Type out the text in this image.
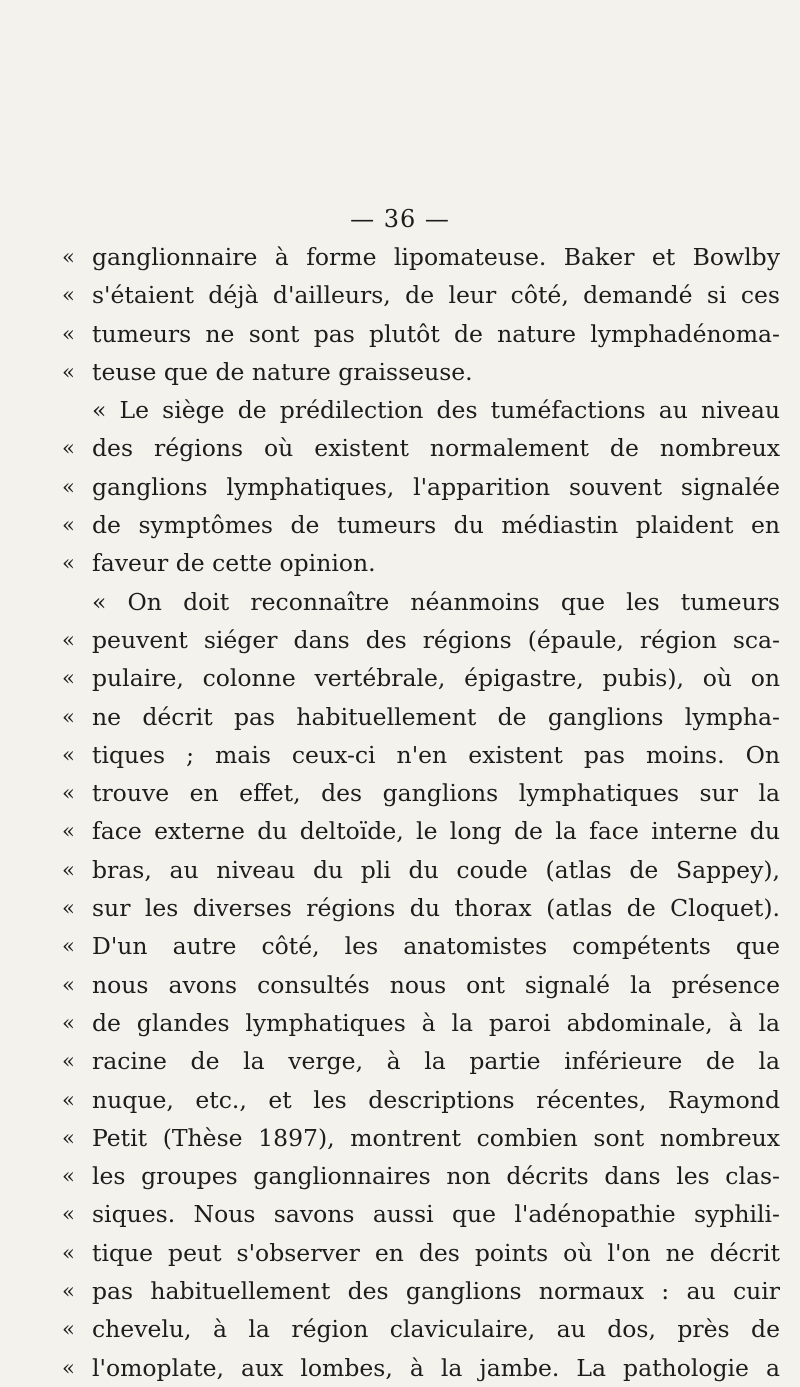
— 36 —
« ganglionnaire à forme lipomateuse. Baker et Bowlby
« s'étaient déjà d'ailleurs, de leur côté, demandé si ces
« tumeurs ne sont pas plutôt de nature lymphadénoma-
« teuse que de nature graisseuse.
« Le siège de prédilection des tuméfactions au niveau
« des régions où existent normalement de nombreux
« ganglions lymphatiques, l'apparition souvent signalée
« de symptômes de tumeurs du médiastin plaident en
« faveur de cette opinion.
« On doit reconnaître néanmoins que les tumeurs
« peuvent siéger dans des régions (épaule, région sca-
« pulaire, colonne vertébrale, épigastre, pubis), où on
« ne décrit pas habituellement de ganglions lympha-
« tiques ; mais ceux-ci n'en existent pas moins. On
« trouve en effet, des ganglions lymphatiques sur la
« face externe du deltoïde, le long de la face interne du
« bras, au niveau du pli du coude (atlas de Sappey),
« sur les diverses régions du thorax (atlas de Cloquet).
« D'un autre côté, les anatomistes compétents que
« nous avons consultés nous ont signalé la présence
« de glandes lymphatiques à la paroi abdominale, à la
« racine de la verge, à la partie inférieure de la
« nuque, etc., et les descriptions récentes, Raymond
« Petit (Thèse 1897), montrent combien sont nombreux
« les groupes ganglionnaires non décrits dans les clas-
« siques. Nous savons aussi que l'adénopathie syphili-
« tique peut s'observer en des points où l'on ne décrit
« pas habituellement des ganglions normaux : au cuir
« chevelu, à la région claviculaire, au dos, près de
« l'omoplate, aux lombes, à la jambe. La pathologie a
